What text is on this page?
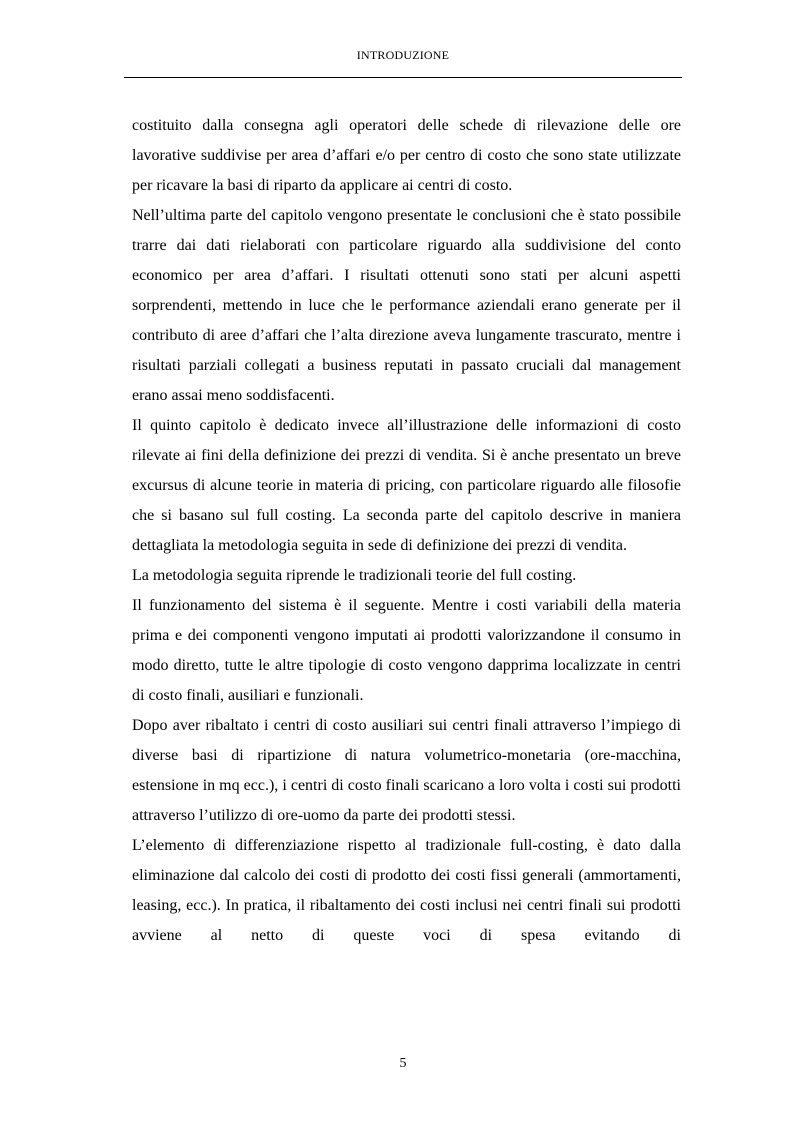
INTRODUZIONE

costituito dalla consegna agli operatori delle schede di rilevazione delle ore lavorative suddivise per area d’affari e/o per centro di costo che sono state utilizzate per ricavare la basi di riparto da applicare ai centri di costo.

Nell’ultima parte del capitolo vengono presentate le conclusioni che è stato possibile trarre dai dati rielaborati con particolare riguardo alla suddivisione del conto economico per area d’affari. I risultati ottenuti sono stati per alcuni aspetti sorprendenti, mettendo in luce che le performance aziendali erano generate per il contributo di aree d’affari che l’alta direzione aveva lungamente trascurato, mentre i risultati parziali collegati a business reputati in passato cruciali dal management erano assai meno soddisfacenti.

Il quinto capitolo è dedicato invece all’illustrazione delle informazioni di costo rilevate ai fini della definizione dei prezzi di vendita. Si è anche presentato un breve excursus di alcune teorie in materia di pricing, con particolare riguardo alle filosofie che si basano sul full costing. La seconda parte del capitolo descrive in maniera dettagliata la metodologia seguita in sede di definizione dei prezzi di vendita.

La metodologia seguita riprende le tradizionali teorie del full costing.

Il funzionamento del sistema è il seguente. Mentre i costi variabili della materia prima e dei componenti vengono imputati ai prodotti valorizzandone il consumo in modo diretto, tutte le altre tipologie di costo vengono dapprima localizzate in centri di costo finali, ausiliari e funzionali.

Dopo aver ribaltato i centri di costo ausiliari sui centri finali attraverso l’impiego di diverse basi di ripartizione di natura volumetrico-monetaria (ore-macchina, estensione in mq ecc.), i centri di costo finali scaricano a loro volta i costi sui prodotti attraverso l’utilizzo di ore-uomo da parte dei prodotti stessi.

L’elemento di differenziazione rispetto al tradizionale full-costing, è dato dalla eliminazione dal calcolo dei costi di prodotto dei costi fissi generali (ammortamenti, leasing, ecc.). In pratica, il ribaltamento dei costi inclusi nei centri finali sui prodotti avviene al netto di queste voci di spesa evitando di

5
